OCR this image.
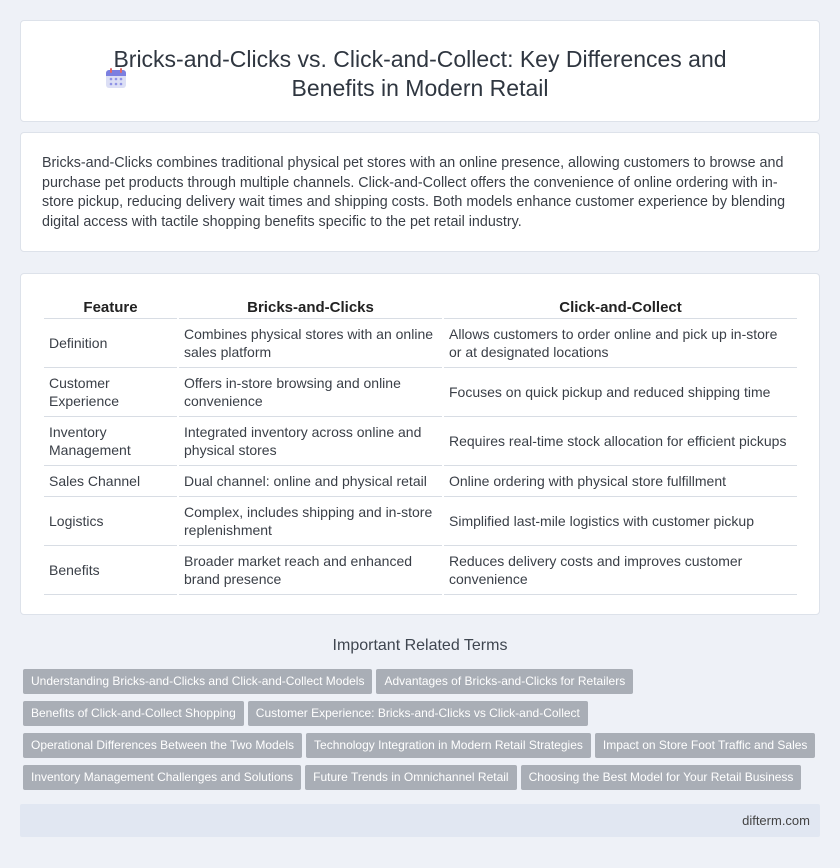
Bricks-and-Clicks vs. Click-and-Collect: Key Differences and Benefits in Modern Retail

Bricks-and-Clicks combines traditional physical pet stores with an online presence, allowing customers to browse and purchase pet products through multiple channels. Click-and-Collect offers the convenience of online ordering with in-store pickup, reducing delivery wait times and shipping costs. Both models enhance customer experience by blending digital access with tactile shopping benefits specific to the pet retail industry.

Feature	Bricks-and-Clicks	Click-and-Collect
Definition	Combines physical stores with an online sales platform	Allows customers to order online and pick up in-store or at designated locations
Customer Experience	Offers in-store browsing and online convenience	Focuses on quick pickup and reduced shipping time
Inventory Management	Integrated inventory across online and physical stores	Requires real-time stock allocation for efficient pickups
Sales Channel	Dual channel: online and physical retail	Online ordering with physical store fulfillment
Logistics	Complex, includes shipping and in-store replenishment	Simplified last-mile logistics with customer pickup
Benefits	Broader market reach and enhanced brand presence	Reduces delivery costs and improves customer convenience
Important Related Terms
Understanding Bricks-and-Clicks and Click-and-Collect Models Advantages of Bricks-and-Clicks for Retailers
Benefits of Click-and-Collect Shopping Customer Experience: Bricks-and-Clicks vs Click-and-Collect
Operational Differences Between the Two Models Technology Integration in Modern Retail Strategies Impact on Store Foot Traffic and Sales
Inventory Management Challenges and Solutions Future Trends in Omnichannel Retail Choosing the Best Model for Your Retail Business
difterm.com
